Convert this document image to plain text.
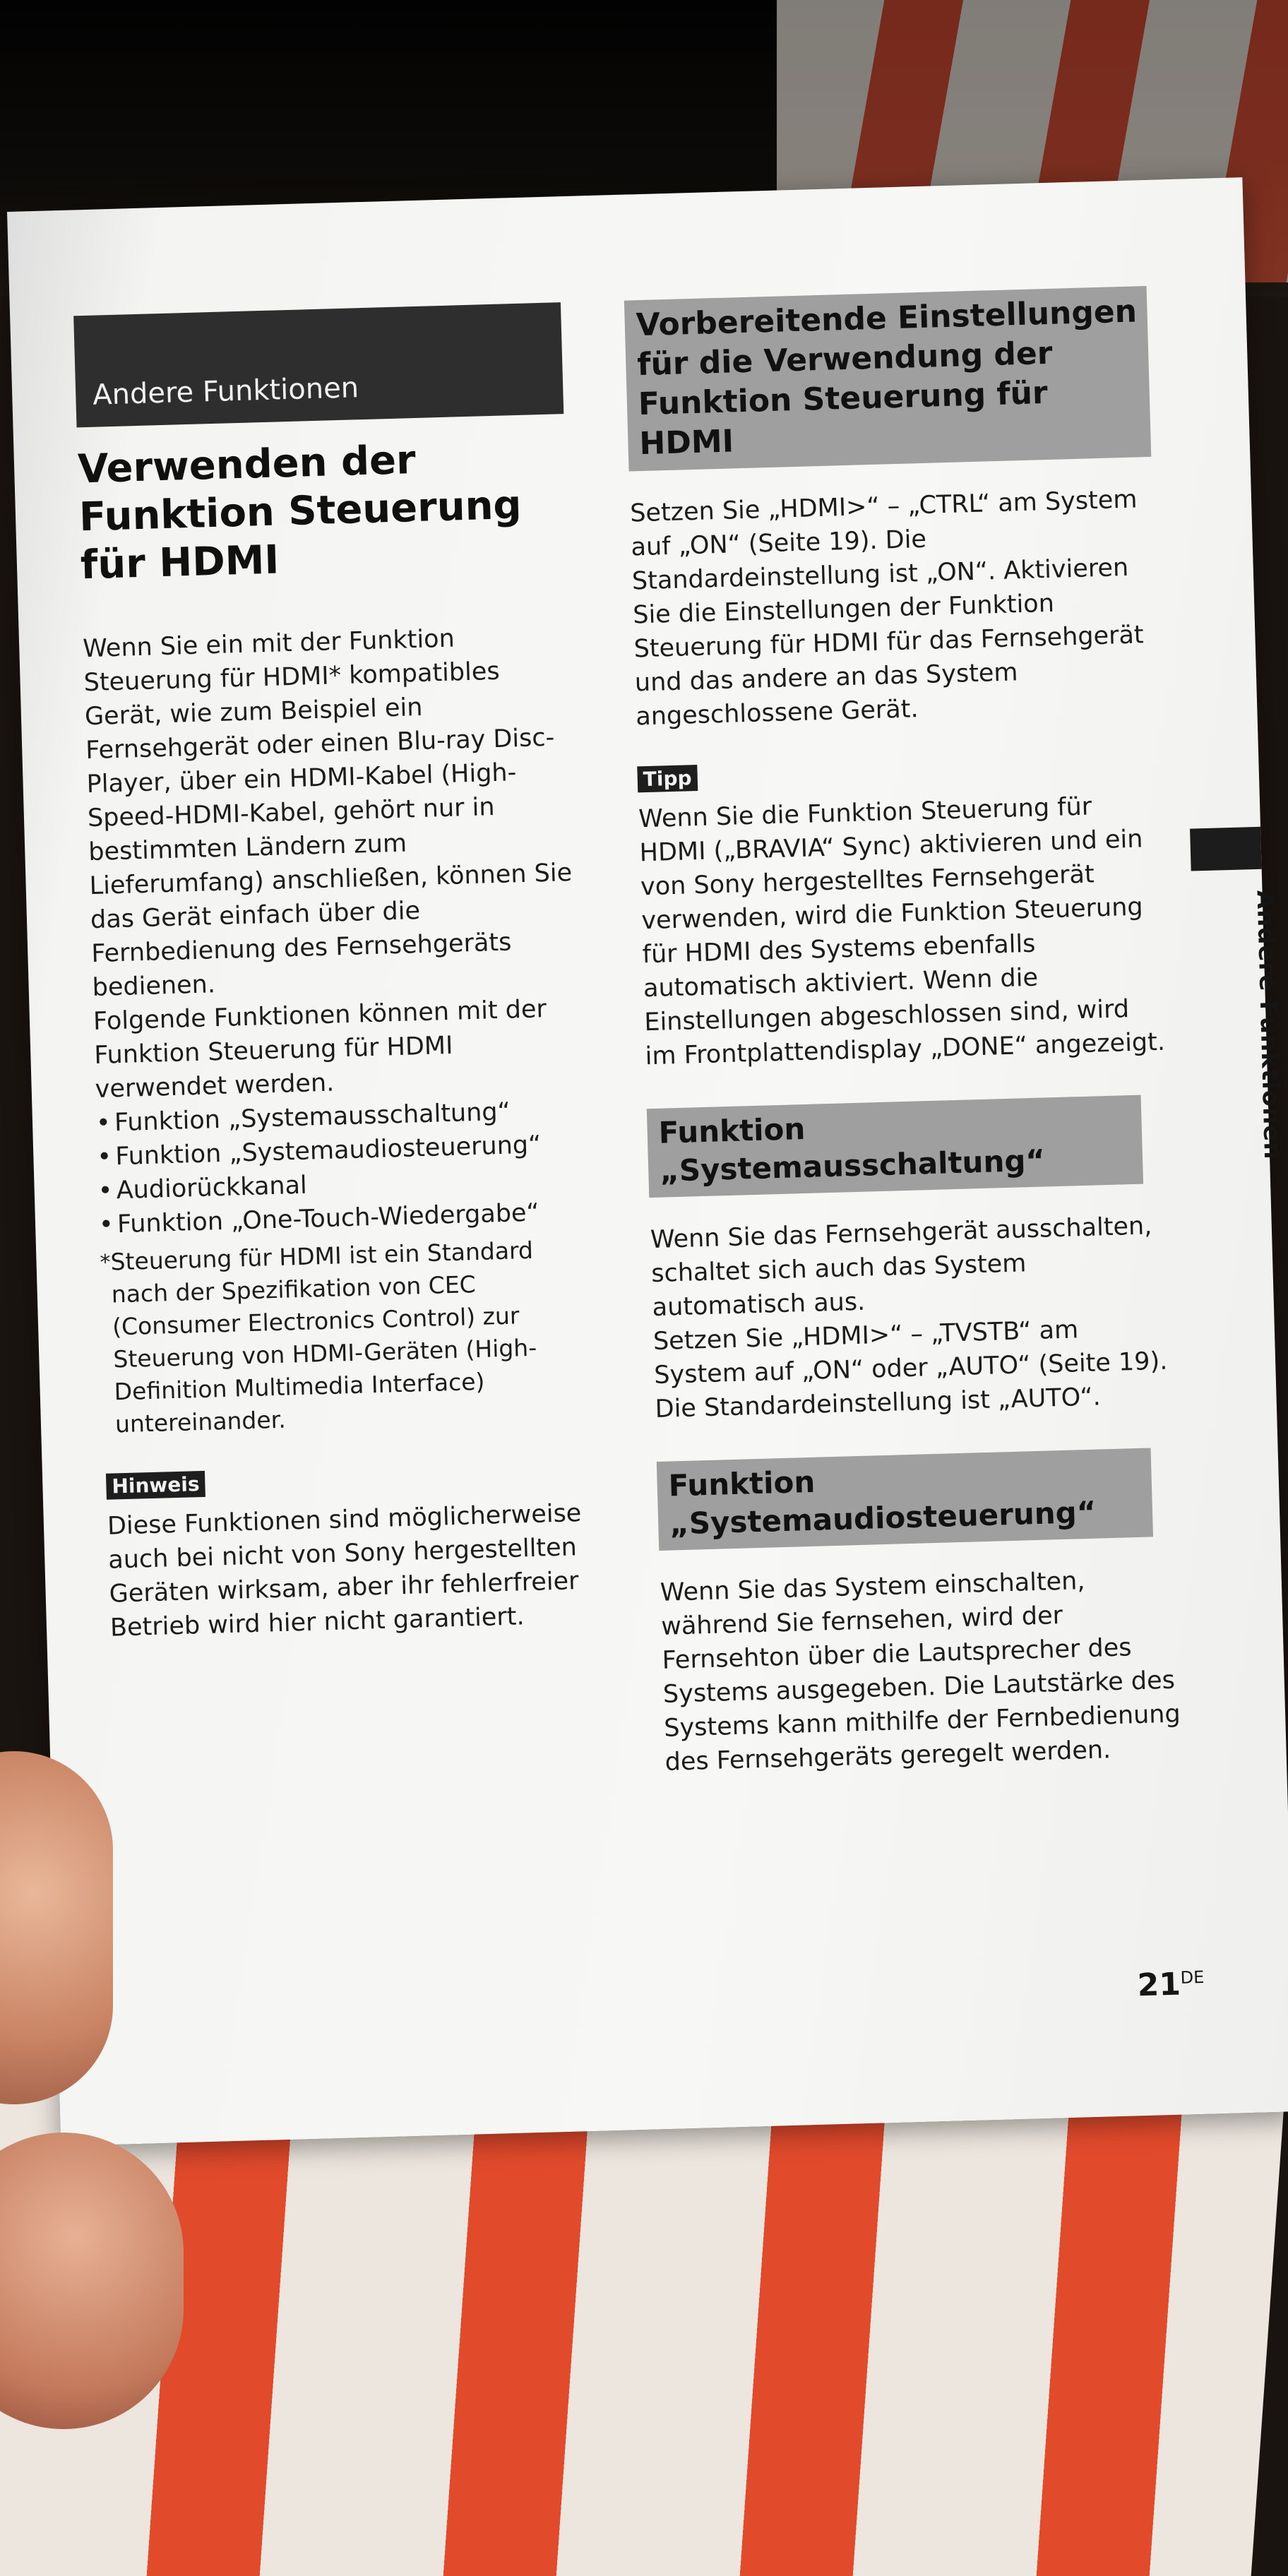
Andere Funktionen
Verwenden der Funktion Steuerung für HDMI

Wenn Sie ein mit der Funktion Steuerung für HDMI* kompatibles Gerät, wie zum Beispiel ein Fernsehgerät oder einen Blu-ray Disc-Player, über ein HDMI-Kabel (High-Speed-HDMI-Kabel, gehört nur in bestimmten Ländern zum Lieferumfang) anschließen, können Sie das Gerät einfach über die Fernbedienung des Fernsehgeräts bedienen.

Folgende Funktionen können mit der Funktion Steuerung für HDMI verwendet werden.

• Funktion „Systemausschaltung“
• Funktion „Systemaudiosteuerung“
• Audiorückkanal
• Funktion „One-Touch-Wiedergabe“
*
Steuerung für HDMI ist ein Standard nach der Spezifikation von CEC (Consumer Electronics Control) zur Steuerung von HDMI-Geräten (High-Definition Multimedia Interface) untereinander.
Hinweis

Diese Funktionen sind möglicherweise auch bei nicht von Sony hergestellten Geräten wirksam, aber ihr fehlerfreier Betrieb wird hier nicht garantiert.

Vorbereitende Einstellungen für die Verwendung der Funktion Steuerung für HDMI

Setzen Sie „HDMI>“ – „CTRL“ am System auf „ON“ (Seite 19). Die Standardeinstellung ist „ON“. Aktivieren Sie die Einstellungen der Funktion Steuerung für HDMI für das Fernsehgerät und das andere an das System angeschlossene Gerät.

Tipp

Wenn Sie die Funktion Steuerung für HDMI („BRAVIA“ Sync) aktivieren und ein von Sony hergestelltes Fernsehgerät verwenden, wird die Funktion Steuerung für HDMI des Systems ebenfalls automatisch aktiviert. Wenn die Einstellungen abgeschlossen sind, wird im Frontplattendisplay „DONE“ angezeigt.

Funktion „Systemausschaltung“

Wenn Sie das Fernsehgerät ausschalten, schaltet sich auch das System automatisch aus.

Setzen Sie „HDMI>“ – „TVSTB“ am System auf „ON“ oder „AUTO“ (Seite 19). Die Standardeinstellung ist „AUTO“.

Funktion „Systemaudiosteuerung“

Wenn Sie das System einschalten, während Sie fernsehen, wird der Fernsehton über die Lautsprecher des Systems ausgegeben. Die Lautstärke des Systems kann mithilfe der Fernbedienung des Fernsehgeräts geregelt werden.

Andere Funktionen
21DE
